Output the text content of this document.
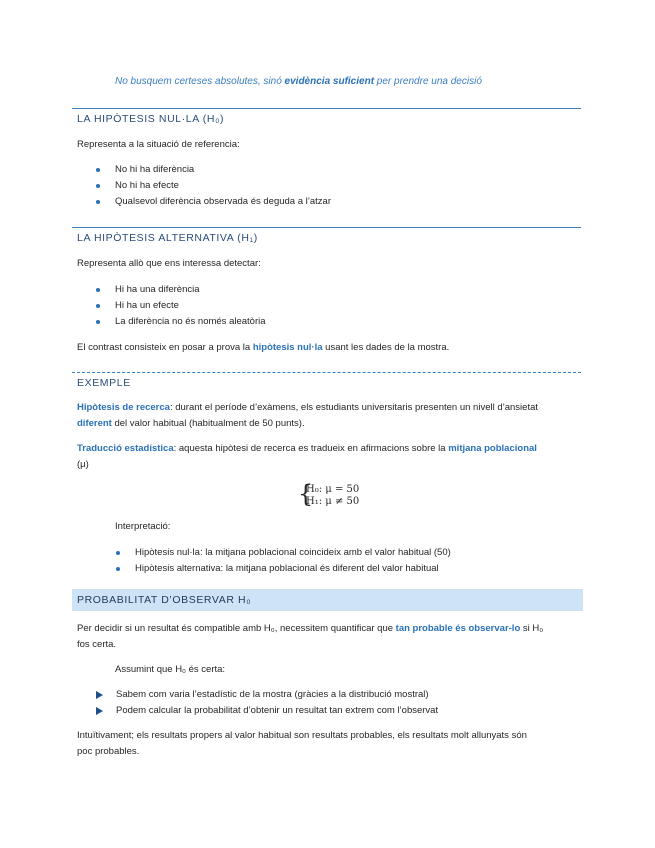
No busquem certeses absolutes, sinó evidència suficient per prendre una decisió
LA HIPÒTESIS NUL·LA (H₀)
Representa a la situació de referencia:
No hi ha diferència
No hi ha efecte
Qualsevol diferència observada és deguda a l’atzar
LA HIPÒTESIS ALTERNATIVA (H₁)
Representa allò que ens interessa detectar:
Hi ha una diferència
Hi ha un efecte
La diferència no és només aleatòria
El contrast consisteix en posar a prova la hipòtesis nul·la usant les dades de la mostra.
EXEMPLE
Hipòtesis de recerca: durant el període d’exàmens, els estudiants universitaris presenten un nivell d’ansietat
diferent del valor habitual (habitualment de 50 punts).
Traducció estadística: aquesta hipòtesi de recerca es tradueix en afirmacions sobre la mitjana poblacional
(μ)
{
H₀: μ = 50
H₁: μ ≠ 50
Interpretació:
Hipòtesis nul·la: la mitjana poblacional coincideix amb el valor habitual (50)
Hipòtesis alternativa: la mitjana poblacional és diferent del valor habitual
PROBABILITAT D’OBSERVAR H₀
Per decidir si un resultat és compatible amb H₀, necessitem quantificar que tan probable és observar-lo si H₀
fos certa.
Assumint que H₀ és certa:
Sabem com varia l’estadístic de la mostra (gràcies a la distribució mostral)
Podem calcular la probabilitat d’obtenir un resultat tan extrem com l’observat
Intuïtivament; els resultats propers al valor habitual son resultats probables, els resultats molt allunyats són
poc probables.
